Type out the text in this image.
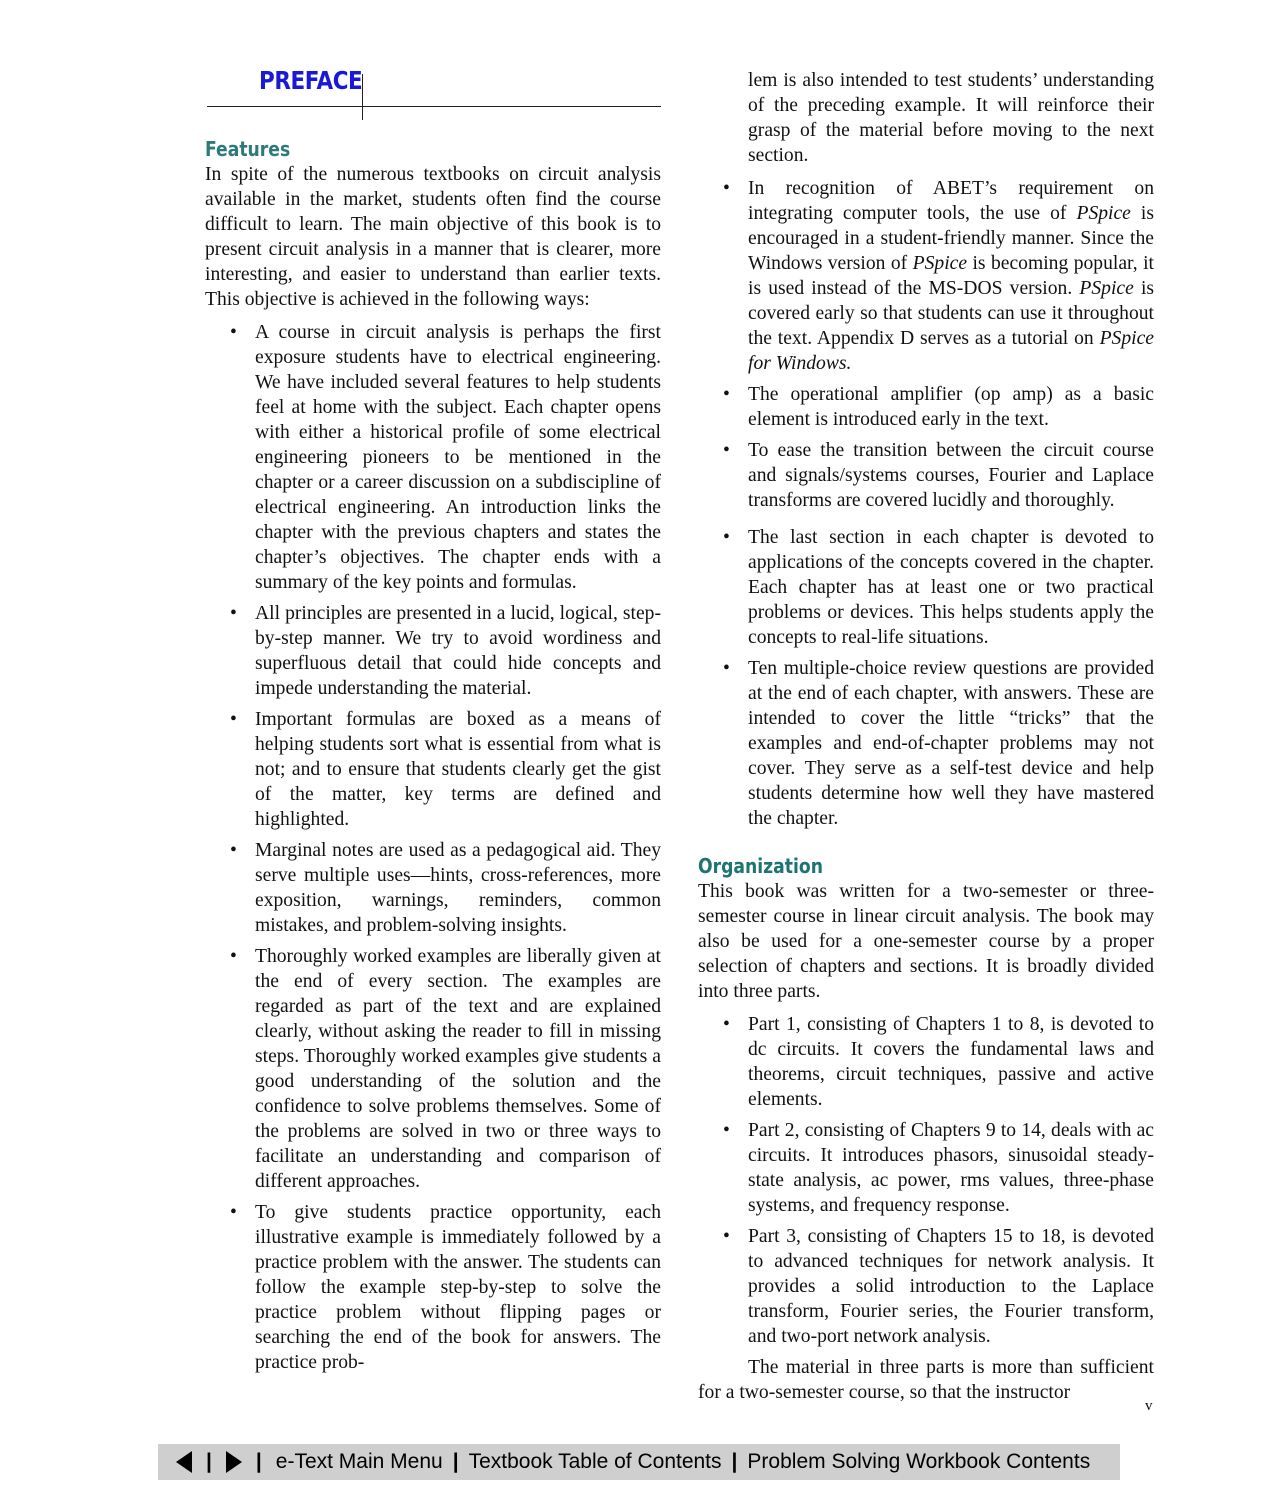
PREFACE
Features

In spite of the numerous textbooks on circuit analysis available in the market, students often find the course difficult to learn. The main objective of this book is to present circuit analysis in a manner that is clearer, more interesting, and easier to understand than earlier texts. This objective is achieved in the following ways:

• A course in circuit analysis is perhaps the first exposure students have to electrical engineering. We have included several features to help students feel at home with the subject. Each chapter opens with either a historical profile of some electrical engineering pioneers to be mentioned in the chapter or a career discussion on a subdiscipline of electrical engineering. An introduction links the chapter with the previous chapters and states the chapter’s objectives. The chapter ends with a summary of the key points and formulas.
• All principles are presented in a lucid, logical, step-by-step manner. We try to avoid wordiness and superfluous detail that could hide concepts and impede understanding the material.
• Important formulas are boxed as a means of helping students sort what is essential from what is not; and to ensure that students clearly get the gist of the matter, key terms are defined and highlighted.
• Marginal notes are used as a pedagogical aid. They serve multiple uses—hints, cross-references, more exposition, warnings, reminders, common mistakes, and problem-solving insights.
• Thoroughly worked examples are liberally given at the end of every section. The examples are regarded as part of the text and are explained clearly, without asking the reader to fill in missing steps. Thoroughly worked examples give students a good understanding of the solution and the confidence to solve problems themselves. Some of the problems are solved in two or three ways to facilitate an understanding and comparison of different approaches.
• To give students practice opportunity, each illustrative example is immediately followed by a practice problem with the answer. The students can follow the example step-by-step to solve the practice problem without flipping pages or searching the end of the book for answers. The practice prob-

lem is also intended to test students’ understanding of the preceding example. It will reinforce their grasp of the material before moving to the next section.

• In recognition of ABET’s requirement on integrating computer tools, the use of PSpice is encouraged in a student-friendly manner. Since the Windows version of PSpice is becoming popular, it is used instead of the MS-DOS version. PSpice is covered early so that students can use it throughout the text. Appendix D serves as a tutorial on PSpice for Windows.
• The operational amplifier (op amp) as a basic element is introduced early in the text.
• To ease the transition between the circuit course and signals/systems courses, Fourier and Laplace transforms are covered lucidly and thoroughly.
• The last section in each chapter is devoted to applications of the concepts covered in the chapter. Each chapter has at least one or two practical problems or devices. This helps students apply the concepts to real-life situations.
• Ten multiple-choice review questions are provided at the end of each chapter, with answers. These are intended to cover the little “tricks” that the examples and end-of-chapter problems may not cover. They serve as a self-test device and help students determine how well they have mastered the chapter.
Organization

This book was written for a two-semester or three-semester course in linear circuit analysis. The book may also be used for a one-semester course by a proper selection of chapters and sections. It is broadly divided into three parts.

• Part 1, consisting of Chapters 1 to 8, is devoted to dc circuits. It covers the fundamental laws and theorems, circuit techniques, passive and active elements.
• Part 2, consisting of Chapters 9 to 14, deals with ac circuits. It introduces phasors, sinusoidal steady-state analysis, ac power, rms values, three-phase systems, and frequency response.
• Part 3, consisting of Chapters 15 to 18, is devoted to advanced techniques for network analysis. It provides a solid introduction to the Laplace transform, Fourier series, the Fourier transform, and two-port network analysis.

The material in three parts is more than sufficient for a two-semester course, so that the instructor

v
| | e-Text Main Menu | Textbook Table of Contents | Problem Solving Workbook Contents
